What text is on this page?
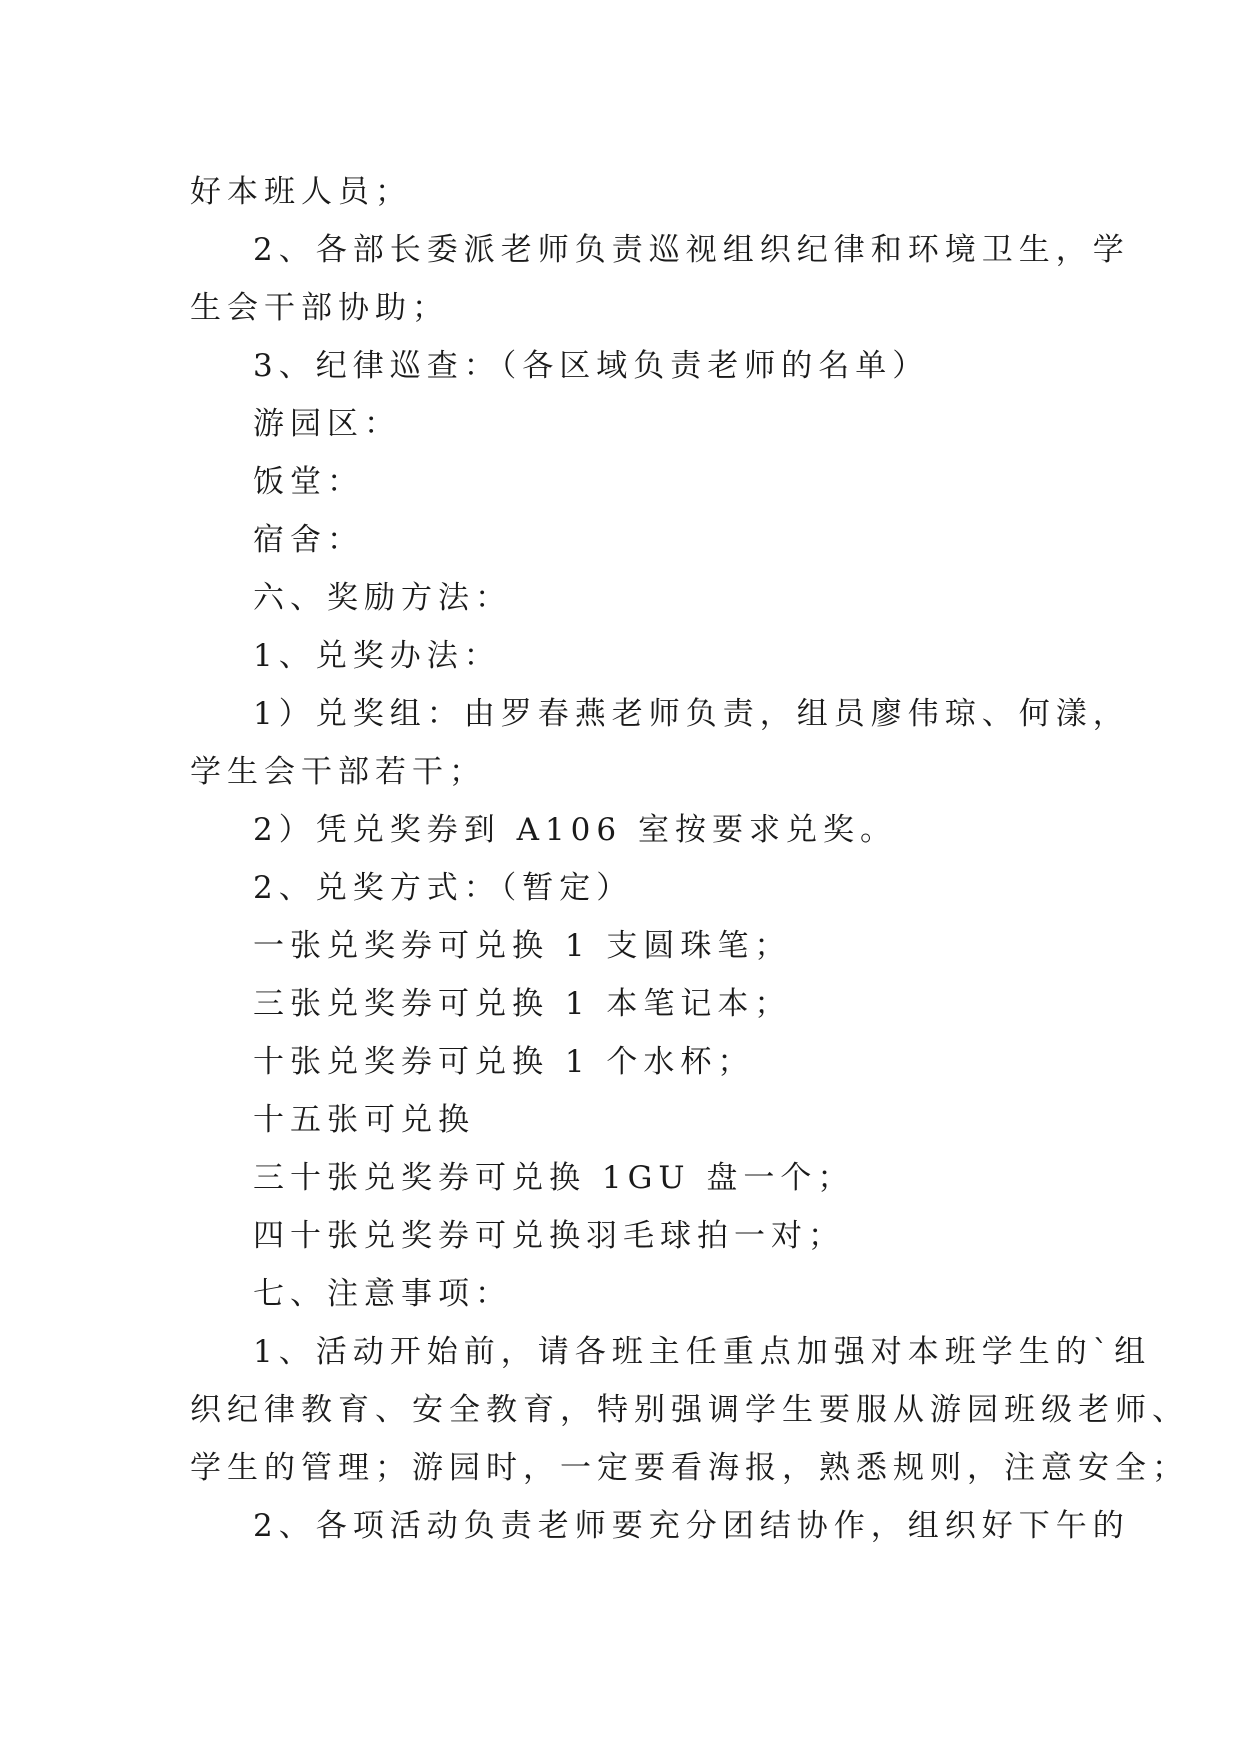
好本班人员；
2、各部长委派老师负责巡视组织纪律和环境卫生，学
生会干部协助；
3、纪律巡查：（各区域负责老师的名单）
游园区：
饭堂：
宿舍：
六、奖励方法：
1、兑奖办法：
1）兑奖组：由罗春燕老师负责，组员廖伟琼、何漾，
学生会干部若干；
2）凭兑奖券到 A106 室按要求兑奖。
2、兑奖方式：（暂定）
一张兑奖券可兑换 1 支圆珠笔；
三张兑奖券可兑换 1 本笔记本；
十张兑奖券可兑换 1 个水杯；
十五张可兑换
三十张兑奖券可兑换 1GU 盘一个；
四十张兑奖券可兑换羽毛球拍一对；
七、注意事项：
1、活动开始前，请各班主任重点加强对本班学生的`组
织纪律教育、安全教育，特别强调学生要服从游园班级老师、
学生的管理；游园时，一定要看海报，熟悉规则，注意安全；
2、各项活动负责老师要充分团结协作，组织好下午的
